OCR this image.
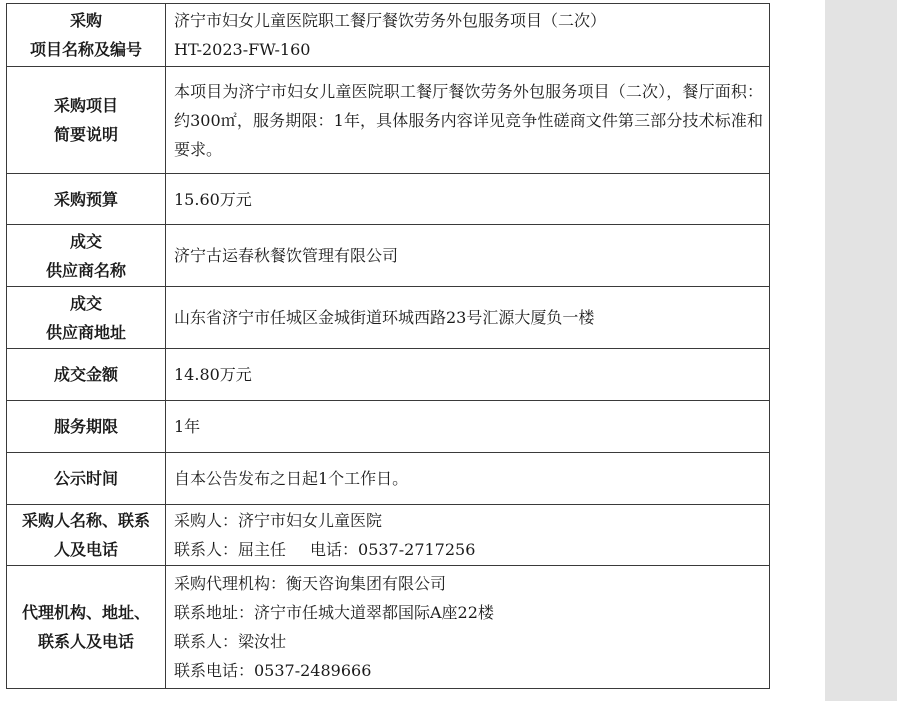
采购
项目名称及编号	济宁市妇女儿童医院职工餐厅餐饮劳务外包服务项目（二次）
HT-2023-FW-160

采购项目
简要说明	本项目为济宁市妇女儿童医院职工餐厅餐饮劳务外包服务项目（二次），餐厅面积：约300㎡，服务期限：1年，具体服务内容详见竞争性磋商文件第三部分技术标准和要求。

采购预算	15.60万元

成交
供应商名称	济宁古运春秋餐饮管理有限公司

成交
供应商地址	山东省济宁市任城区金城街道环城西路23号汇源大厦负一楼

成交金额	14.80万元

服务期限	1年

公示时间	自本公告发布之日起1个工作日。

采购人名称、联系
人及电话	采购人：济宁市妇女儿童医院
联系人：屈主任 电话：0537-2717256

代理机构、地址、
联系人及电话	采购代理机构：衡天咨询集团有限公司
联系地址：济宁市任城大道翠都国际A座22楼
联系人：梁汝壮
联系电话：0537-2489666
